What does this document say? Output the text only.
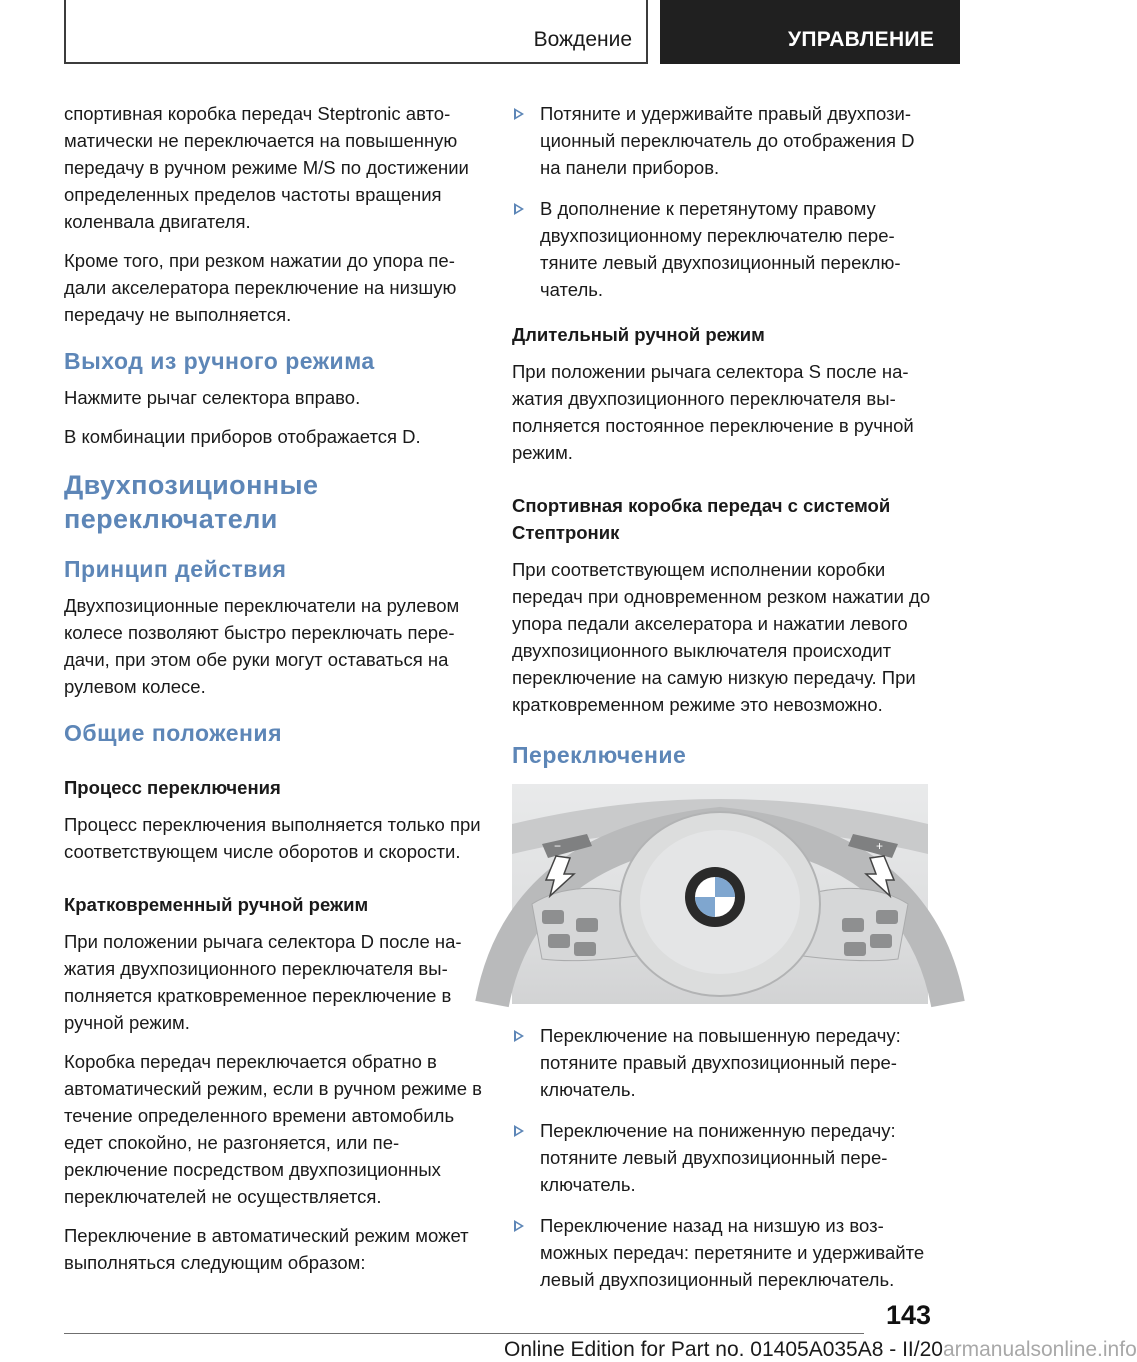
Вождение	УПРАВЛЕНИЕ

спортивная коробка передач Steptronic автоматически не переключается на повышенную передачу в ручном режиме M/S по достижении определенных пределов частоты вращения коленвала двигателя.

Кроме того, при резком нажатии до упора педали акселератора переключение на низшую передачу не выполняется.

Выход из ручного режима

Нажмите рычаг селектора вправо.

В комбинации приборов отображается D.

Двухпозиционные переключатели
Принцип действия

Двухпозиционные переключатели на рулевом колесе позволяют быстро переключать передачи, при этом обе руки могут оставаться на рулевом колесе.

Общие положения
Процесс переключения

Процесс переключения выполняется только при соответствующем числе оборотов и скорости.

Кратковременный ручной режим

При положении рычага селектора D после нажатия двухпозиционного переключателя выполняется кратковременное переключение в ручной режим.

Коробка передач переключается обратно в автоматический режим, если в ручном режиме в течение определенного времени автомобиль едет спокойно, не разгоняется, или переключение посредством двухпозиционных переключателей не осуществляется.

Переключение в автоматический режим может выполняться следующим образом:

Потяните и удерживайте правый двухпозиционный переключатель до отображения D на панели приборов.
В дополнение к перетянутому правому двухпозиционному переключателю перетяните левый двухпозиционный переключатель.
Длительный ручной режим

При положении рычага селектора S после нажатия двухпозиционного переключателя выполняется постоянное переключение в ручной режим.

Спортивная коробка передач с системой Стептроник

При соответствующем исполнении коробки передач при одновременном резком нажатии до упора педали акселератора и нажатии левого двухпозиционного выключателя происходит переключение на самую низкую передачу. При кратковременном режиме это невозможно.

Переключение
−	+
Переключение на повышенную передачу: потяните правый двухпозиционный переключатель.
Переключение на пониженную передачу: потяните левый двухпозиционный переключатель.
Переключение назад на низшую из возможных передач: перетяните и удерживайте левый двухпозиционный переключатель.
143
Online Edition for Part no. 01405A035A8 - II/20armanualsonline.info
